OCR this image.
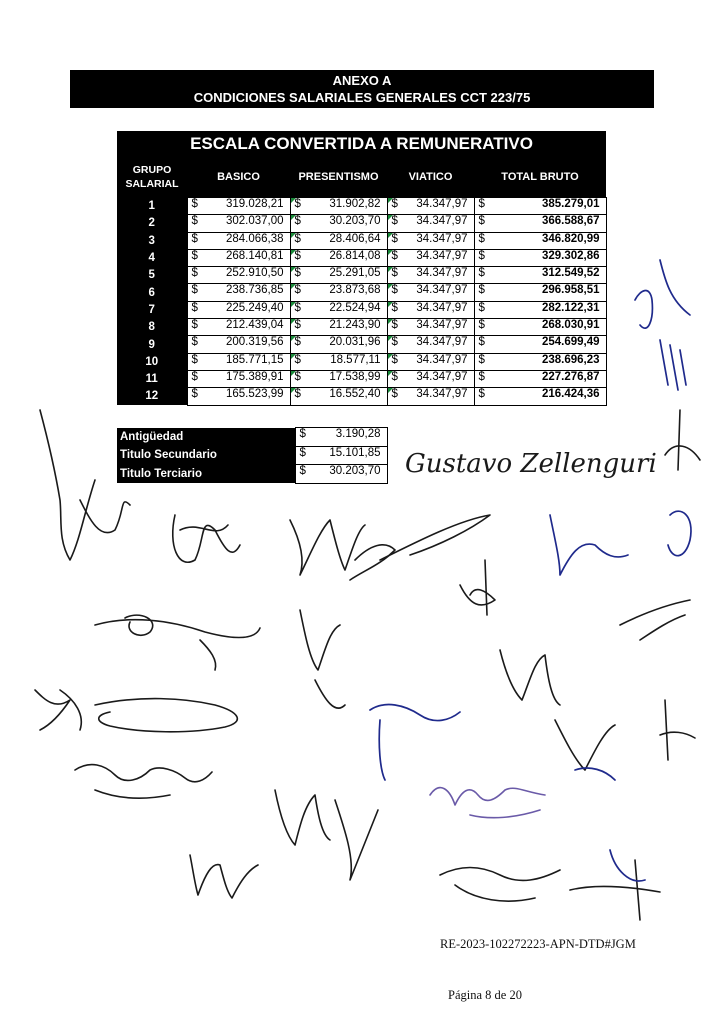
ANEXO A
CONDICIONES SALARIALES GENERALES CCT 223/75
ESCALA CONVERTIDA A REMUNERATIVO				

GRUPO
SALARIAL	BASICO	PRESENTISMO	VIATICO	TOTAL BRUTO
1	$ 319.028,21	$ 31.902,82	$ 34.347,97	$ 385.279,01

2	$ 302.037,00	$ 30.203,70	$ 34.347,97	$ 366.588,67

3	$ 284.066,38	$ 28.406,64	$ 34.347,97	$ 346.820,99

4	$ 268.140,81	$ 26.814,08	$ 34.347,97	$ 329.302,86

5	$ 252.910,50	$ 25.291,05	$ 34.347,97	$ 312.549,52

6	$ 238.736,85	$ 23.873,68	$ 34.347,97	$ 296.958,51

7	$ 225.249,40	$ 22.524,94	$ 34.347,97	$ 282.122,31

8	$ 212.439,04	$ 21.243,90	$ 34.347,97	$ 268.030,91

9	$ 200.319,56	$ 20.031,96	$ 34.347,97	$ 254.699,49

10	$ 185.771,15	$ 18.577,11	$ 34.347,97	$ 238.696,23

11	$ 175.389,91	$ 17.538,99	$ 34.347,97	$ 227.276,87

12	$ 165.523,99	$ 16.552,40	$ 34.347,97	$ 216.424,36
Antigüedad	$ 3.190,28

Titulo Secundario	$ 15.101,85

Titulo Terciario	$ 30.203,70 Gustavo Zellenguri
RE-2023-102272223-APN-DTD#JGM
Página 8 de 20
